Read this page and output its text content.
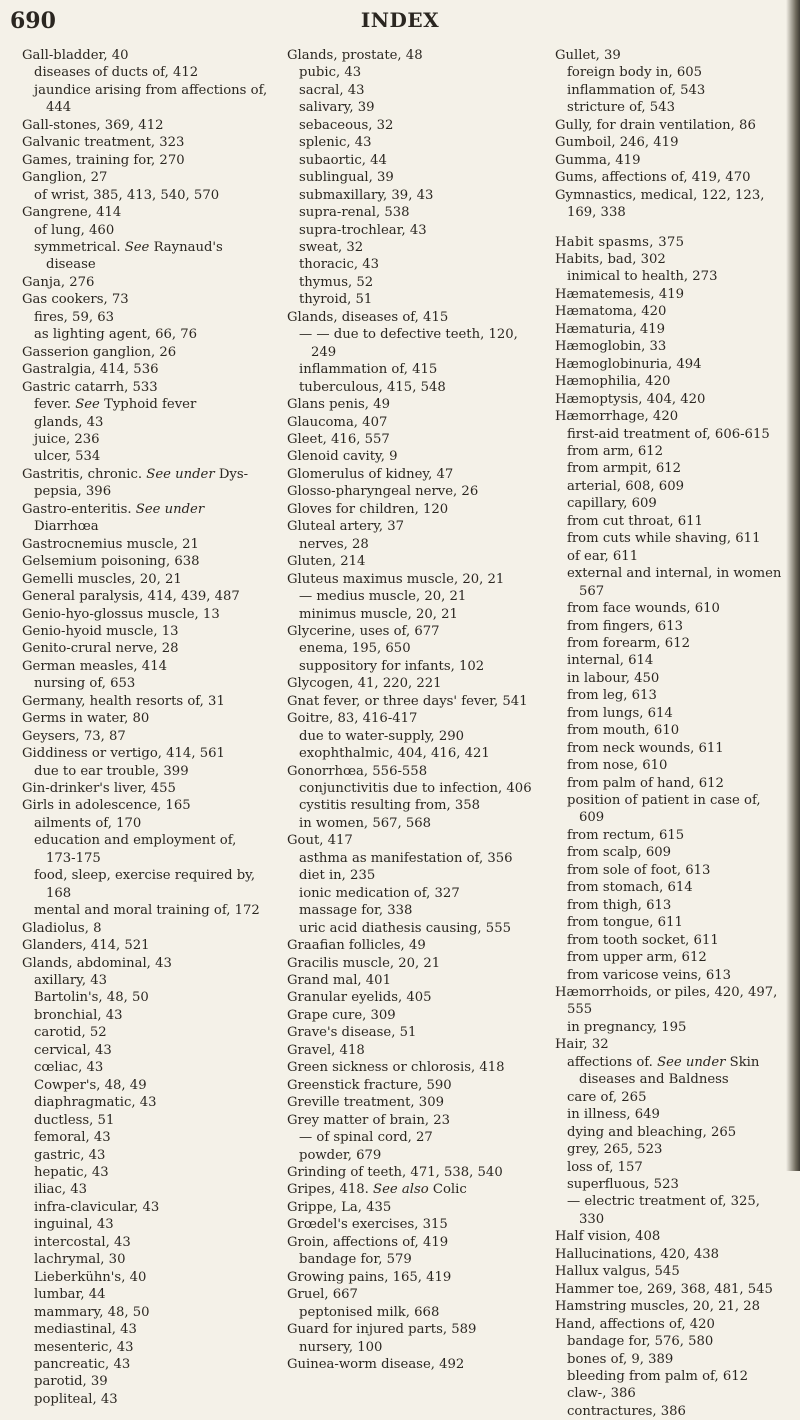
690	INDEX

Gall-bladder, 40

diseases of ducts of, 412

jaundice arising from affections of, 444

Gall-stones, 369, 412

Galvanic treatment, 323

Games, training for, 270

Ganglion, 27

of wrist, 385, 413, 540, 570

Gangrene, 414

of lung, 460

symmetrical. See Raynaud's disease

Ganja, 276

Gas cookers, 73

fires, 59, 63

as lighting agent, 66, 76

Gasserion ganglion, 26

Gastralgia, 414, 536

Gastric catarrh, 533

fever. See Typhoid fever

glands, 43

juice, 236

ulcer, 534

Gastritis, chronic. See under Dys-pepsia, 396

Gastro-enteritis. See under Diarrhœa

Gastrocnemius muscle, 21

Gelsemium poisoning, 638

Gemelli muscles, 20, 21

General paralysis, 414, 439, 487

Genio-hyo-glossus muscle, 13

Genio-hyoid muscle, 13

Genito-crural nerve, 28

German measles, 414

nursing of, 653

Germany, health resorts of, 31

Germs in water, 80

Geysers, 73, 87

Giddiness or vertigo, 414, 561

due to ear trouble, 399

Gin-drinker's liver, 455

Girls in adolescence, 165

ailments of, 170

education and employment of, 173-175

food, sleep, exercise required by, 168

mental and moral training of, 172

Gladiolus, 8

Glanders, 414, 521

Glands, abdominal, 43

axillary, 43

Bartolin's, 48, 50

bronchial, 43

carotid, 52

cervical, 43

cœliac, 43

Cowper's, 48, 49

diaphragmatic, 43

ductless, 51

femoral, 43

gastric, 43

hepatic, 43

iliac, 43

infra-clavicular, 43

inguinal, 43

intercostal, 43

lachrymal, 30

Lieberkühn's, 40

lumbar, 44

mammary, 48, 50

mediastinal, 43

mesenteric, 43

pancreatic, 43

parotid, 39

popliteal, 43

Glands, prostate, 48

pubic, 43

sacral, 43

salivary, 39

sebaceous, 32

splenic, 43

subaortic, 44

sublingual, 39

submaxillary, 39, 43

supra-renal, 538

supra-trochlear, 43

sweat, 32

thoracic, 43

thymus, 52

thyroid, 51

Glands, diseases of, 415

— — due to defective teeth, 120, 249

inflammation of, 415

tuberculous, 415, 548

Glans penis, 49

Glaucoma, 407

Gleet, 416, 557

Glenoid cavity, 9

Glomerulus of kidney, 47

Glosso-pharyngeal nerve, 26

Gloves for children, 120

Gluteal artery, 37

nerves, 28

Gluten, 214

Gluteus maximus muscle, 20, 21

— medius muscle, 20, 21

minimus muscle, 20, 21

Glycerine, uses of, 677

enema, 195, 650

suppository for infants, 102

Glycogen, 41, 220, 221

Gnat fever, or three days' fever, 541

Goitre, 83, 416-417

due to water-supply, 290

exophthalmic, 404, 416, 421

Gonorrhœa, 556-558

conjunctivitis due to infection, 406

cystitis resulting from, 358

in women, 567, 568

Gout, 417

asthma as manifestation of, 356

diet in, 235

ionic medication of, 327

massage for, 338

uric acid diathesis causing, 555

Graafian follicles, 49

Gracilis muscle, 20, 21

Grand mal, 401

Granular eyelids, 405

Grape cure, 309

Grave's disease, 51

Gravel, 418

Green sickness or chlorosis, 418

Greenstick fracture, 590

Greville treatment, 309

Grey matter of brain, 23

— of spinal cord, 27

powder, 679

Grinding of teeth, 471, 538, 540

Gripes, 418. See also Colic

Grippe, La, 435

Grœdel's exercises, 315

Groin, affections of, 419

bandage for, 579

Growing pains, 165, 419

Gruel, 667

peptonised milk, 668

Guard for injured parts, 589

nursery, 100

Guinea-worm disease, 492

Gullet, 39

foreign body in, 605

inflammation of, 543

stricture of, 543

Gully, for drain ventilation, 86

Gumboil, 246, 419

Gumma, 419

Gums, affections of, 419, 470

Gymnastics, medical, 122, 123, 169, 338

Habit spasms, 375

Habits, bad, 302

inimical to health, 273

Hæmatemesis, 419

Hæmatoma, 420

Hæmaturia, 419

Hæmoglobin, 33

Hæmoglobinuria, 494

Hæmophilia, 420

Hæmoptysis, 404, 420

Hæmorrhage, 420

first-aid treatment of, 606-615

from arm, 612

from armpit, 612

arterial, 608, 609

capillary, 609

from cut throat, 611

from cuts while shaving, 611

of ear, 611

external and internal, in women 567

from face wounds, 610

from fingers, 613

from forearm, 612

internal, 614

in labour, 450

from leg, 613

from lungs, 614

from mouth, 610

from neck wounds, 611

from nose, 610

from palm of hand, 612

position of patient in case of, 609

from rectum, 615

from scalp, 609

from sole of foot, 613

from stomach, 614

from thigh, 613

from tongue, 611

from tooth socket, 611

from upper arm, 612

from varicose veins, 613

Hæmorrhoids, or piles, 420, 497, 555

in pregnancy, 195

Hair, 32

affections of. See under Skin diseases and Baldness

care of, 265

in illness, 649

dying and bleaching, 265

grey, 265, 523

loss of, 157

superfluous, 523

— electric treatment of, 325, 330

Half vision, 408

Hallucinations, 420, 438

Hallux valgus, 545

Hammer toe, 269, 368, 481, 545

Hamstring muscles, 20, 21, 28

Hand, affections of, 420

bandage for, 576, 580

bones of, 9, 389

bleeding from palm of, 612

claw-, 386

contractures, 386
